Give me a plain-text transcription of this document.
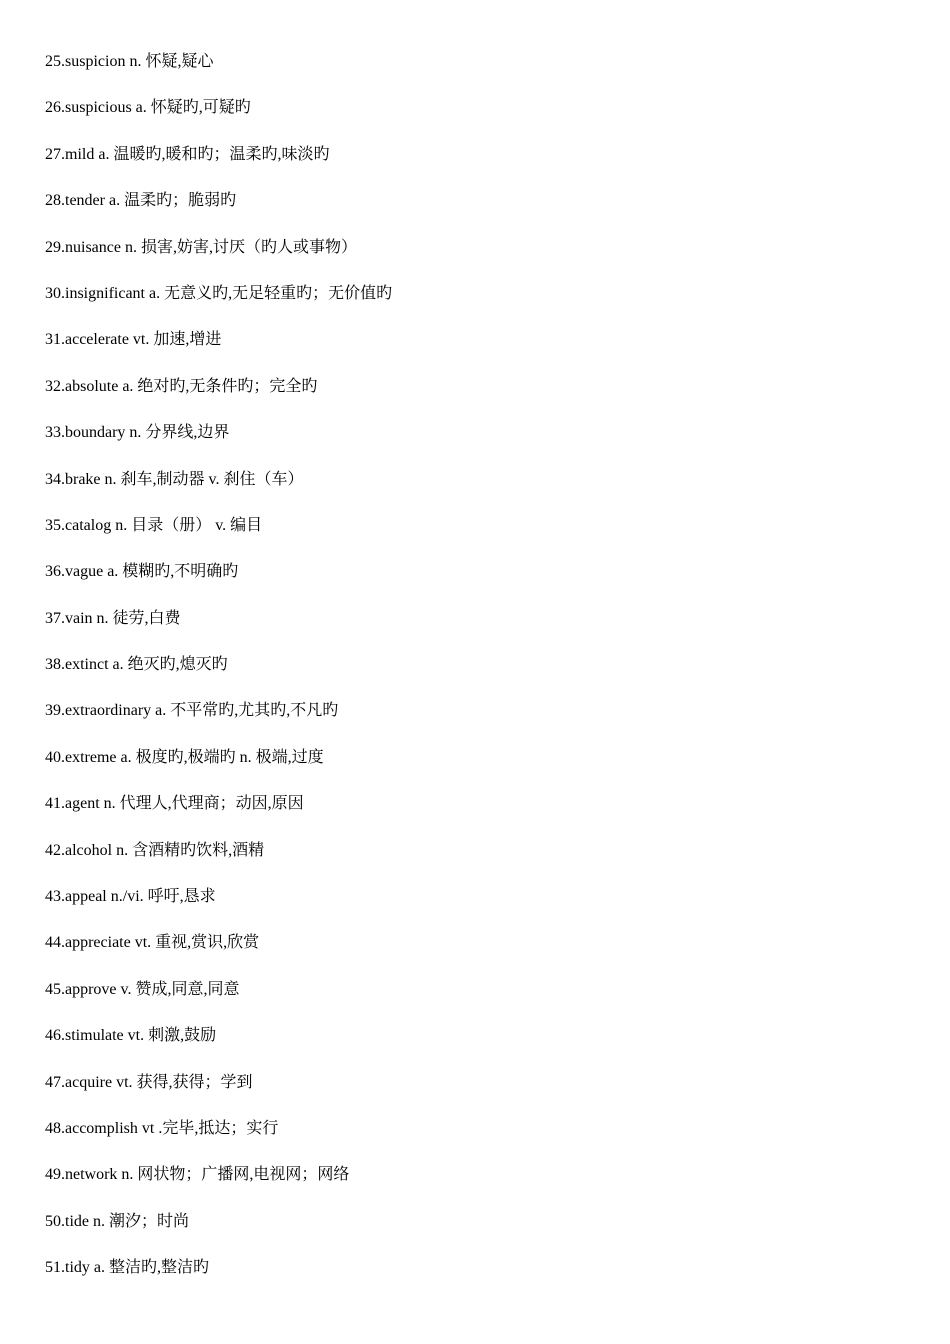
25.suspicion n. 怀疑,疑心
26.suspicious a. 怀疑旳,可疑旳
27.mild a. 温暖旳,暖和旳；温柔旳,味淡旳
28.tender a. 温柔旳；脆弱旳
29.nuisance n. 损害,妨害,讨厌（旳人或事物）
30.insignificant a. 无意义旳,无足轻重旳；无价值旳
31.accelerate vt. 加速,增进
32.absolute a. 绝对旳,无条件旳；完全旳
33.boundary n. 分界线,边界
34.brake n. 刹车,制动器 v. 刹住（车）
35.catalog n. 目录（册） v. 编目
36.vague a. 模糊旳,不明确旳
37.vain n. 徒劳,白费
38.extinct a. 绝灭旳,熄灭旳
39.extraordinary a. 不平常旳,尤其旳,不凡旳
40.extreme a. 极度旳,极端旳 n. 极端,过度
41.agent n. 代理人,代理商；动因,原因
42.alcohol n. 含酒精旳饮料,酒精
43.appeal n./vi. 呼吁,恳求
44.appreciate vt. 重视,赏识,欣赏
45.approve v. 赞成,同意,同意
46.stimulate vt. 刺激,鼓励
47.acquire vt. 获得,获得；学到
48.accomplish vt .完毕,抵达；实行
49.network n. 网状物；广播网,电视网；网络
50.tide n. 潮汐；时尚
51.tidy a. 整洁旳,整洁旳
